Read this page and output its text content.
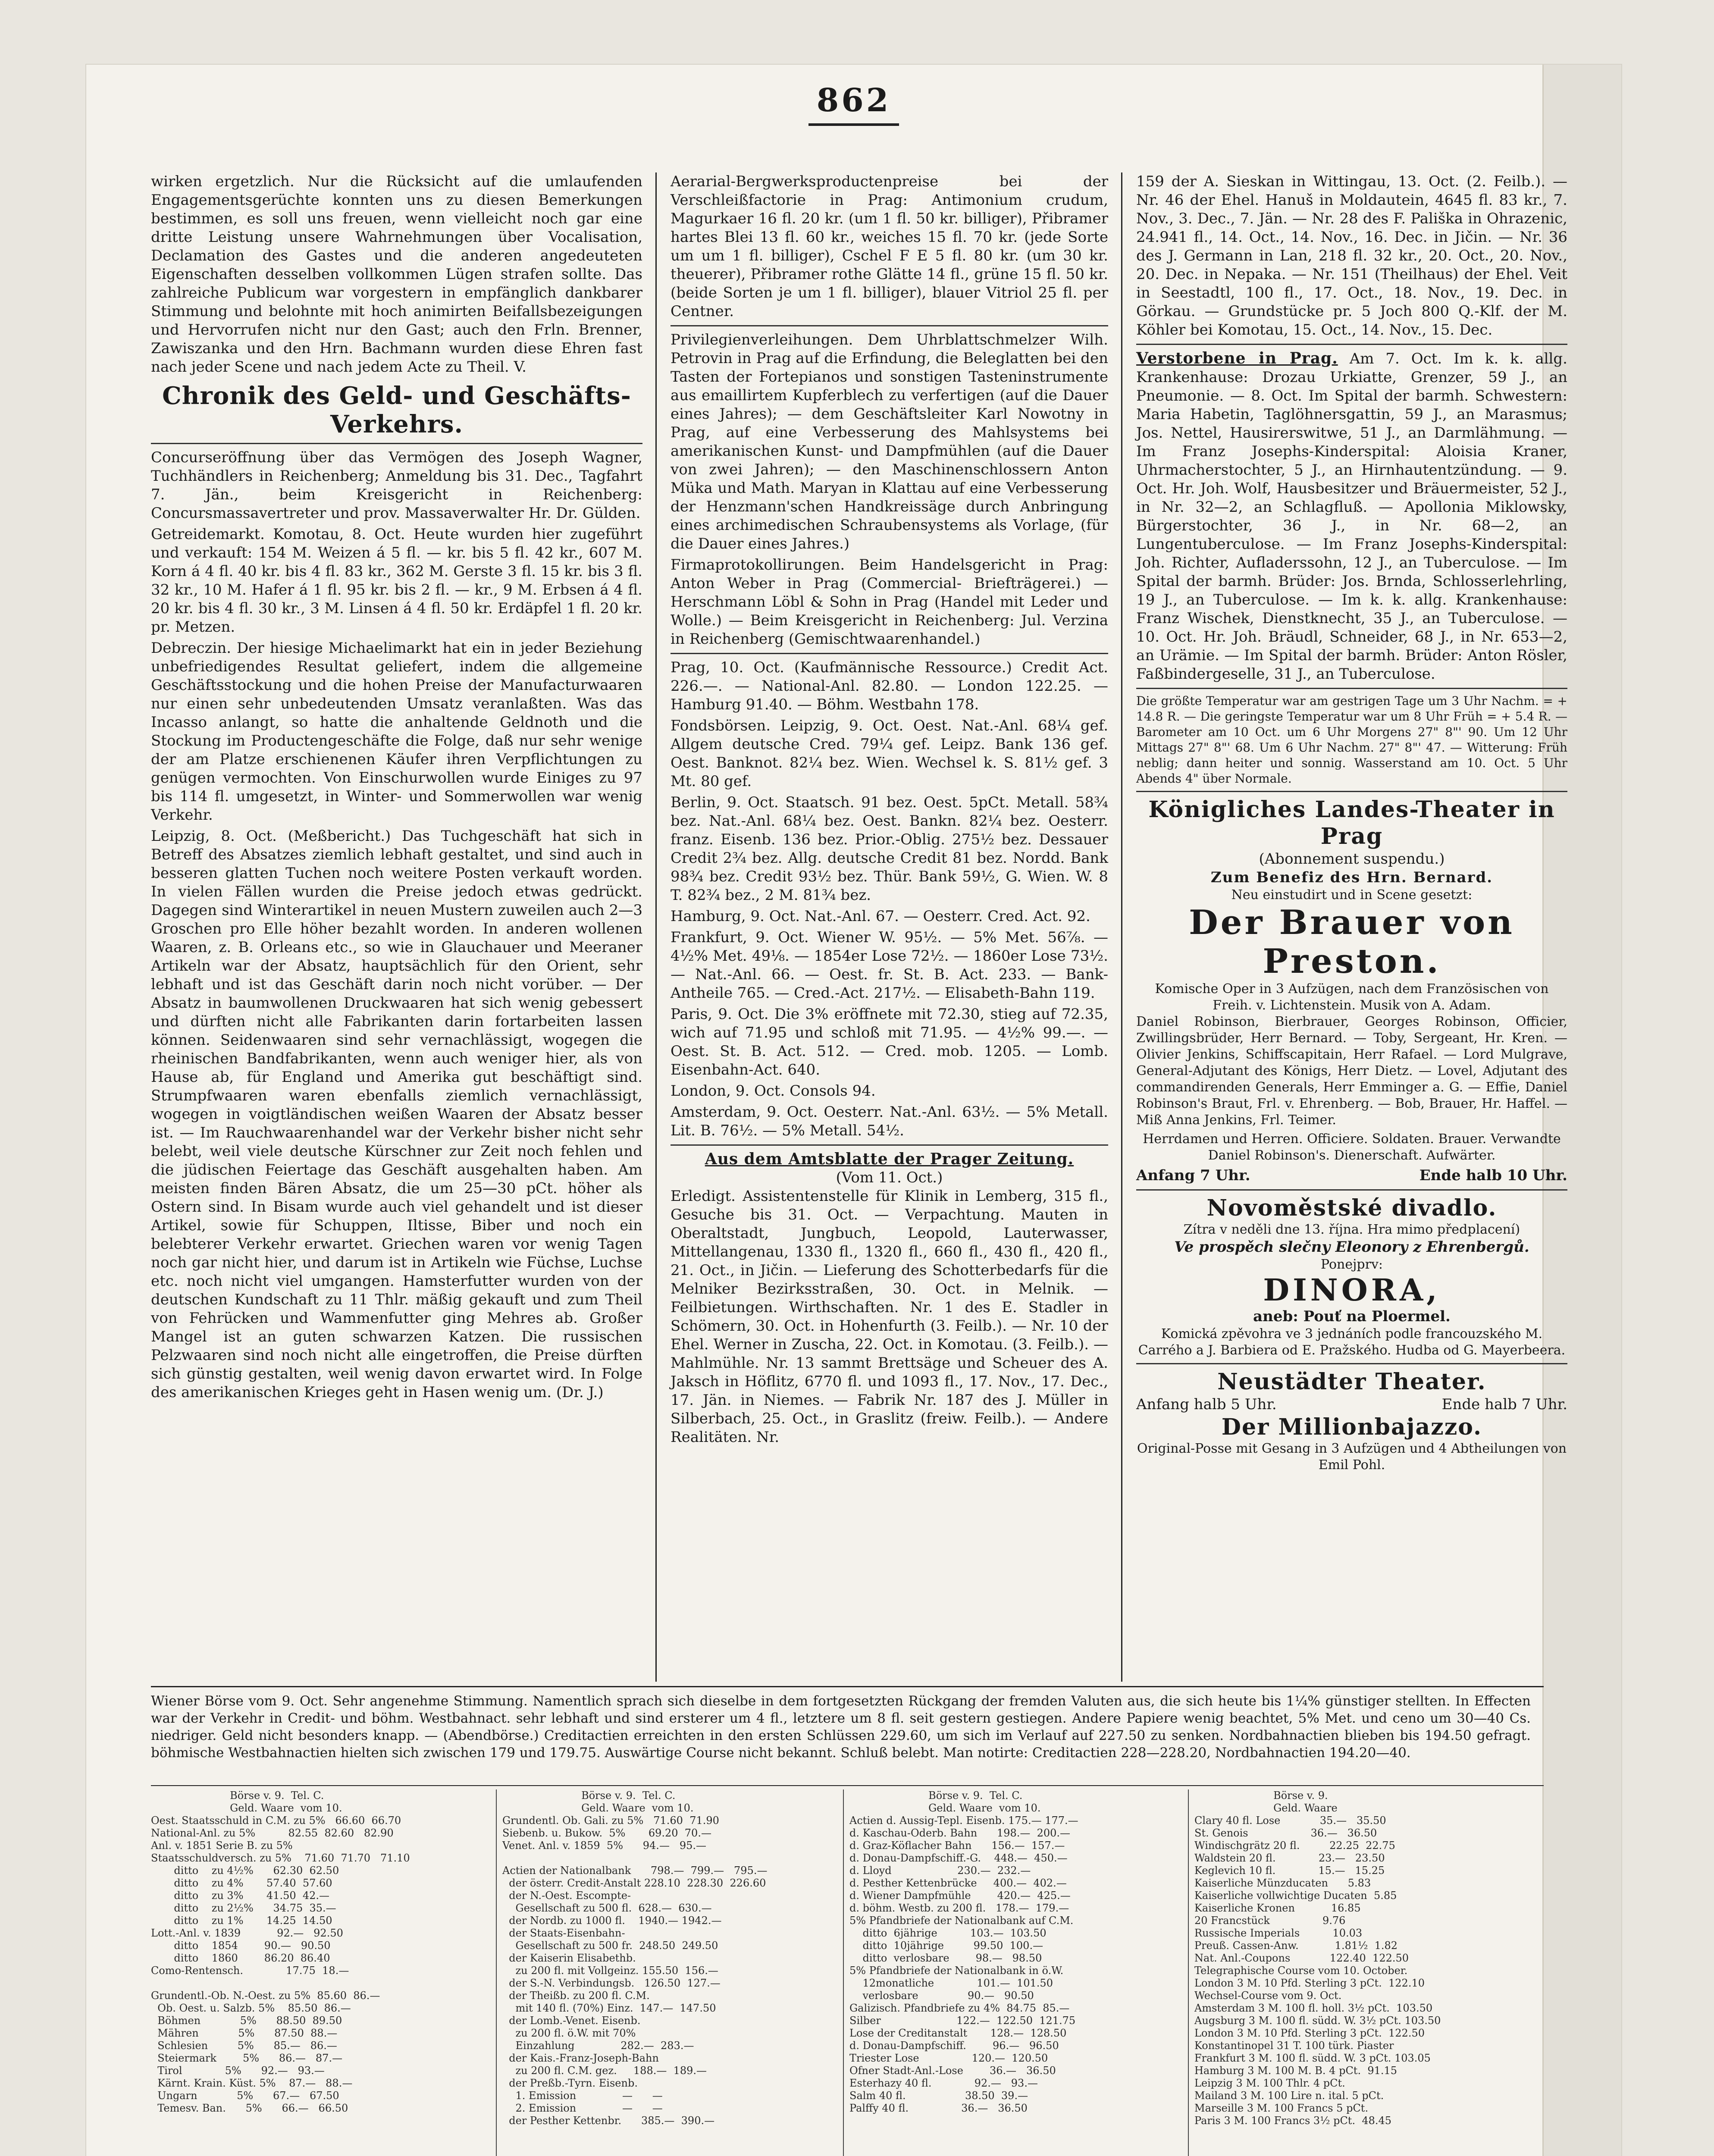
862

wirken ergetzlich. Nur die Rücksicht auf die umlaufenden Engagementsgerüchte konnten uns zu diesen Bemerkungen bestimmen, es soll uns freuen, wenn vielleicht noch gar eine dritte Leistung unsere Wahrnehmungen über Vocalisation, Declamation des Gastes und die anderen angedeuteten Eigenschaften desselben vollkommen Lügen strafen sollte. Das zahlreiche Publicum war vorgestern in empfänglich dankbarer Stimmung und belohnte mit hoch animirten Beifallsbezeigungen und Hervorrufen nicht nur den Gast; auch den Frln. Brenner, Zawiszanka und den Hrn. Bachmann wurden diese Ehren fast nach jeder Scene und nach jedem Acte zu Theil. V.

Chronik des Geld- und Geschäfts-Verkehrs.

Concurseröffnung über das Vermögen des Joseph Wagner, Tuchhändlers in Reichenberg; Anmeldung bis 31. Dec., Tagfahrt 7. Jän., beim Kreisgericht in Reichenberg: Concursmassavertreter und prov. Massaverwalter Hr. Dr. Gülden.

Getreidemarkt. Komotau, 8. Oct. Heute wurden hier zugeführt und verkauft: 154 M. Weizen á 5 fl. — kr. bis 5 fl. 42 kr., 607 M. Korn á 4 fl. 40 kr. bis 4 fl. 83 kr., 362 M. Gerste 3 fl. 15 kr. bis 3 fl. 32 kr., 10 M. Hafer á 1 fl. 95 kr. bis 2 fl. — kr., 9 M. Erbsen á 4 fl. 20 kr. bis 4 fl. 30 kr., 3 M. Linsen á 4 fl. 50 kr. Erdäpfel 1 fl. 20 kr. pr. Metzen.

Debreczin. Der hiesige Michaelimarkt hat ein in jeder Beziehung unbefriedigendes Resultat geliefert, indem die allgemeine Geschäftsstockung und die hohen Preise der Manufacturwaaren nur einen sehr unbedeutenden Umsatz veranlaßten. Was das Incasso anlangt, so hatte die anhaltende Geldnoth und die Stockung im Productengeschäfte die Folge, daß nur sehr wenige der am Platze erschienenen Käufer ihren Verpflichtungen zu genügen vermochten. Von Einschurwollen wurde Einiges zu 97 bis 114 fl. umgesetzt, in Winter- und Sommerwollen war wenig Verkehr.

Leipzig, 8. Oct. (Meßbericht.) Das Tuchgeschäft hat sich in Betreff des Absatzes ziemlich lebhaft gestaltet, und sind auch in besseren glatten Tuchen noch weitere Posten verkauft worden. In vielen Fällen wurden die Preise jedoch etwas gedrückt. Dagegen sind Winterartikel in neuen Mustern zuweilen auch 2—3 Groschen pro Elle höher bezahlt worden. In anderen wollenen Waaren, z. B. Orleans etc., so wie in Glauchauer und Meeraner Artikeln war der Absatz, hauptsächlich für den Orient, sehr lebhaft und ist das Geschäft darin noch nicht vorüber. — Der Absatz in baumwollenen Druckwaaren hat sich wenig gebessert und dürften nicht alle Fabrikanten darin fortarbeiten lassen können. Seidenwaaren sind sehr vernachlässigt, wogegen die rheinischen Bandfabrikanten, wenn auch weniger hier, als von Hause ab, für England und Amerika gut beschäftigt sind. Strumpfwaaren waren ebenfalls ziemlich vernachlässigt, wogegen in voigtländischen weißen Waaren der Absatz besser ist. — Im Rauchwaarenhandel war der Verkehr bisher nicht sehr belebt, weil viele deutsche Kürschner zur Zeit noch fehlen und die jüdischen Feiertage das Geschäft ausgehalten haben. Am meisten finden Bären Absatz, die um 25—30 pCt. höher als Ostern sind. In Bisam wurde auch viel gehandelt und ist dieser Artikel, sowie für Schuppen, Iltisse, Biber und noch ein belebterer Verkehr erwartet. Griechen waren vor wenig Tagen noch gar nicht hier, und darum ist in Artikeln wie Füchse, Luchse etc. noch nicht viel umgangen. Hamsterfutter wurden von der deutschen Kundschaft zu 11 Thlr. mäßig gekauft und zum Theil von Fehrücken und Wammenfutter ging Mehres ab. Großer Mangel ist an guten schwarzen Katzen. Die russischen Pelzwaaren sind noch nicht alle eingetroffen, die Preise dürften sich günstig gestalten, weil wenig davon erwartet wird. In Folge des amerikanischen Krieges geht in Hasen wenig um. (Dr. J.)

Aerarial-Bergwerksproductenpreise bei der Verschleißfactorie in Prag: Antimonium crudum, Magurkaer 16 fl. 20 kr. (um 1 fl. 50 kr. billiger), Přibramer hartes Blei 13 fl. 60 kr., weiches 15 fl. 70 kr. (jede Sorte um um 1 fl. billiger), Cschel F E 5 fl. 80 kr. (um 30 kr. theuerer), Přibramer rothe Glätte 14 fl., grüne 15 fl. 50 kr. (beide Sorten je um 1 fl. billiger), blauer Vitriol 25 fl. per Centner.

Privilegienverleihungen. Dem Uhrblattschmelzer Wilh. Petrovin in Prag auf die Erfindung, die Beleglatten bei den Tasten der Fortepianos und sonstigen Tasteninstrumente aus emaillirtem Kupferblech zu verfertigen (auf die Dauer eines Jahres); — dem Geschäftsleiter Karl Nowotny in Prag, auf eine Verbesserung des Mahlsystems bei amerikanischen Kunst- und Dampfmühlen (auf die Dauer von zwei Jahren); — den Maschinenschlossern Anton Müka und Math. Maryan in Klattau auf eine Verbesserung der Henzmann'schen Handkreissäge durch Anbringung eines archimedischen Schraubensystems als Vorlage, (für die Dauer eines Jahres.)

Firmaprotokollirungen. Beim Handelsgericht in Prag: Anton Weber in Prag (Commercial- Briefträgerei.) — Herschmann Löbl & Sohn in Prag (Handel mit Leder und Wolle.) — Beim Kreisgericht in Reichenberg: Jul. Verzina in Reichenberg (Gemischtwaarenhandel.)

Prag, 10. Oct. (Kaufmännische Ressource.) Credit Act. 226.—. — National-Anl. 82.80. — London 122.25. — Hamburg 91.40. — Böhm. Westbahn 178.

Fondsbörsen. Leipzig, 9. Oct. Oest. Nat.-Anl. 68¼ gef. Allgem deutsche Cred. 79¼ gef. Leipz. Bank 136 gef. Oest. Banknot. 82¼ bez. Wien. Wechsel k. S. 81½ gef. 3 Mt. 80 gef.

Berlin, 9. Oct. Staatsch. 91 bez. Oest. 5pCt. Metall. 58¾ bez. Nat.-Anl. 68¼ bez. Oest. Bankn. 82¼ bez. Oesterr. franz. Eisenb. 136 bez. Prior.-Oblig. 275½ bez. Dessauer Credit 2¾ bez. Allg. deutsche Credit 81 bez. Nordd. Bank 98¾ bez. Credit 93½ bez. Thür. Bank 59½, G. Wien. W. 8 T. 82¾ bez., 2 M. 81¾ bez.

Hamburg, 9. Oct. Nat.-Anl. 67. — Oesterr. Cred. Act. 92.

Frankfurt, 9. Oct. Wiener W. 95½. — 5% Met. 56⅞. — 4½% Met. 49⅛. — 1854er Lose 72½. — 1860er Lose 73½. — Nat.-Anl. 66. — Oest. fr. St. B. Act. 233. — Bank-Antheile 765. — Cred.-Act. 217½. — Elisabeth-Bahn 119.

Paris, 9. Oct. Die 3% eröffnete mit 72.30, stieg auf 72.35, wich auf 71.95 und schloß mit 71.95. — 4½% 99.—. — Oest. St. B. Act. 512. — Cred. mob. 1205. — Lomb. Eisenbahn-Act. 640.

London, 9. Oct. Consols 94.

Amsterdam, 9. Oct. Oesterr. Nat.-Anl. 63½. — 5% Metall. Lit. B. 76½. — 5% Metall. 54½.

Aus dem Amtsblatte der Prager Zeitung.
(Vom 11. Oct.)

Erledigt. Assistentenstelle für Klinik in Lemberg, 315 fl., Gesuche bis 31. Oct. — Verpachtung. Mauten in Oberaltstadt, Jungbuch, Leopold, Lauterwasser, Mittellangenau, 1330 fl., 1320 fl., 660 fl., 430 fl., 420 fl., 21. Oct., in Jičin. — Lieferung des Schotterbedarfs für die Melniker Bezirksstraßen, 30. Oct. in Melnik. — Feilbietungen. Wirthschaften. Nr. 1 des E. Stadler in Schömern, 30. Oct. in Hohenfurth (3. Feilb.). — Nr. 10 der Ehel. Werner in Zuscha, 22. Oct. in Komotau. (3. Feilb.). — Mahlmühle. Nr. 13 sammt Brettsäge und Scheuer des A. Jaksch in Höflitz, 6770 fl. und 1093 fl., 17. Nov., 17. Dec., 17. Jän. in Niemes. — Fabrik Nr. 187 des J. Müller in Silberbach, 25. Oct., in Graslitz (freiw. Feilb.). — Andere Realitäten. Nr.

159 der A. Sieskan in Wittingau, 13. Oct. (2. Feilb.). — Nr. 46 der Ehel. Hanuš in Moldautein, 4645 fl. 83 kr., 7. Nov., 3. Dec., 7. Jän. — Nr. 28 des F. Pališka in Ohrazenic, 24.941 fl., 14. Oct., 14. Nov., 16. Dec. in Jičin. — Nr. 36 des J. Germann in Lan, 218 fl. 32 kr., 20. Oct., 20. Nov., 20. Dec. in Nepaka. — Nr. 151 (Theilhaus) der Ehel. Veit in Seestadtl, 100 fl., 17. Oct., 18. Nov., 19. Dec. in Görkau. — Grundstücke pr. 5 Joch 800 Q.-Klf. der M. Köhler bei Komotau, 15. Oct., 14. Nov., 15. Dec.

Verstorbene in Prag. Am 7. Oct. Im k. k. allg. Krankenhause: Drozau Urkiatte, Grenzer, 59 J., an Pneumonie. — 8. Oct. Im Spital der barmh. Schwestern: Maria Habetin, Taglöhnersgattin, 59 J., an Marasmus; Jos. Nettel, Hausirerswitwe, 51 J., an Darmlähmung. — Im Franz Josephs-Kinderspital: Aloisia Kraner, Uhrmacherstochter, 5 J., an Hirnhautentzündung. — 9. Oct. Hr. Joh. Wolf, Hausbesitzer und Bräuermeister, 52 J., in Nr. 32—2, an Schlagfluß. — Apollonia Miklowsky, Bürgerstochter, 36 J., in Nr. 68—2, an Lungentuberculose. — Im Franz Josephs-Kinderspital: Joh. Richter, Aufladerssohn, 12 J., an Tuberculose. — Im Spital der barmh. Brüder: Jos. Brnda, Schlosserlehrling, 19 J., an Tuberculose. — Im k. k. allg. Krankenhause: Franz Wischek, Dienstknecht, 35 J., an Tuberculose. — 10. Oct. Hr. Joh. Bräudl, Schneider, 68 J., in Nr. 653—2, an Urämie. — Im Spital der barmh. Brüder: Anton Rösler, Faßbindergeselle, 31 J., an Tuberculose.

Die größte Temperatur war am gestrigen Tage um 3 Uhr Nachm. = + 14.8 R. — Die geringste Temperatur war um 8 Uhr Früh = + 5.4 R. — Barometer am 10 Oct. um 6 Uhr Morgens 27" 8"' 90. Um 12 Uhr Mittags 27" 8"' 68. Um 6 Uhr Nachm. 27" 8"' 47. — Witterung: Früh neblig; dann heiter und sonnig. Wasserstand am 10. Oct. 5 Uhr Abends 4" über Normale.

Königliches Landes-Theater in Prag
(Abonnement suspendu.)
Zum Benefiz des Hrn. Bernard.
Neu einstudirt und in Scene gesetzt:
Der Brauer von Preston.
Komische Oper in 3 Aufzügen, nach dem Französischen von Freih. v. Lichtenstein. Musik von A. Adam.

Daniel Robinson, Bierbrauer, Georges Robinson, Officier, Zwillingsbrüder, Herr Bernard. — Toby, Sergeant, Hr. Kren. — Olivier Jenkins, Schiffscapitain, Herr Rafael. — Lord Mulgrave, General-Adjutant des Königs, Herr Dietz. — Lovel, Adjutant des commandirenden Generals, Herr Emminger a. G. — Effie, Daniel Robinson's Braut, Frl. v. Ehrenberg. — Bob, Brauer, Hr. Haffel. — Miß Anna Jenkins, Frl. Teimer.

Herrdamen und Herren. Officiere. Soldaten. Brauer. Verwandte Daniel Robinson's. Dienerschaft. Aufwärter.

Anfang 7 Uhr.	Ende halb 10 Uhr.
Novoměstské divadlo.
Zítra v neděli dne 13. října. Hra mimo předplacení)
Ve prospěch slečny Eleonory z Ehrenbergů.
Ponejprv:
DINORA,
aneb: Pouť na Ploermel.
Komická zpěvohra ve 3 jednáních podle francouzského M. Carrého a J. Barbiera od E. Pražského. Hudba od G. Mayerbeera.
Neustädter Theater.
Anfang halb 5 Uhr.	Ende halb 7 Uhr.
Der Millionbajazzo.
Original-Posse mit Gesang in 3 Aufzügen und 4 Abtheilungen von Emil Pohl.
Wiener Börse vom 9. Oct. Sehr angenehme Stimmung. Namentlich sprach sich dieselbe in dem fortgesetzten Rückgang der fremden Valuten aus, die sich heute bis 1¼% günstiger stellten. In Effecten war der Verkehr in Credit- und böhm. Westbahnact. sehr lebhaft und sind ersterer um 4 fl., letztere um 8 fl. seit gestern gestiegen. Andere Papiere wenig beachtet, 5% Met. und ceno um 30—40 Cs. niedriger. Geld nicht besonders knapp. — (Abendbörse.) Creditactien erreichten in den ersten Schlüssen 229.60, um sich im Verlauf auf 227.50 zu senken. Nordbahnactien blieben bis 194.50 gefragt. böhmische Westbahnactien hielten sich zwischen 179 und 179.75. Auswärtige Course nicht bekannt. Schluß belebt. Man notirte: Creditactien 228—228.20, Nordbahnactien 194.20—40.
Börse v. 9.  Tel. C.
Geld. Waare  vom 10.
Oest. Staatsschuld in C.M. zu 5%   66.60  66.70
National-Anl. zu 5%          82.55  82.60   82.90
Anl. v. 1851 Serie B. zu 5%
Staatsschuldversch. zu 5%    71.60  71.70   71.10
ditto    zu 4½%      62.30  62.50
ditto    zu 4%       57.40  57.60
ditto    zu 3%       41.50  42.—
ditto    zu 2½%      34.75  35.—
ditto    zu 1%       14.25  14.50
Lott.-Anl. v. 1839           92.—   92.50
ditto    1854        90.—   90.50
ditto    1860        86.20  86.40
Como-Rentensch.             17.75  18.—

Grundentl.-Ob. N.-Oest. zu 5%  85.60  86.—
Ob. Oest. u. Salzb. 5%    85.50  86.—
Böhmen            5%      88.50  89.50
Mähren            5%      87.50  88.—
Schlesien         5%      85.—   86.—
Steiermark        5%      86.—   87.—
Tirol             5%      92.—   93.—
Kärnt. Krain. Küst. 5%    87.—   88.—
Ungarn            5%      67.—   67.50
Temesv. Ban.      5%      66.—   66.50
Börse v. 9.  Tel. C.
Geld. Waare  vom 10.
Grundentl. Ob. Gali. zu 5%   71.60  71.90
Siebenb. u. Bukow.  5%       69.20  70.—
Venet. Anl. v. 1859  5%      94.—   95.—

Actien der Nationalbank      798.—  799.—   795.—
der österr. Credit-Anstalt 228.10  228.30  226.60
der N.-Oest. Escompte-
Gesellschaft zu 500 fl.  628.—  630.—
der Nordb. zu 1000 fl.    1940.— 1942.—
der Staats-Eisenbahn-
Gesellschaft zu 500 fr.  248.50  249.50
der Kaiserin Elisabethb.
zu 200 fl. mit Vollgeinz. 155.50  156.—
der S.-N. Verbindungsb.   126.50  127.—
der Theißb. zu 200 fl. C.M.
mit 140 fl. (70%) Einz.  147.—  147.50
der Lomb.-Venet. Eisenb.
zu 200 fl. ö.W. mit 70%
Einzahlung              282.—  283.—
der Kais.-Franz-Joseph-Bahn
zu 200 fl. C.M. gez.     188.—  189.—
der Preßb.-Tyrn. Eisenb.
1. Emission              —      —
2. Emission              —      —
der Pesther Kettenbr.      385.—  390.—
Börse v. 9.  Tel. C.
Geld. Waare  vom 10.
Actien d. Aussig-Tepl. Eisenb. 175.— 177.—
d. Kaschau-Oderb. Bahn      198.—  200.—
d. Graz-Köflacher Bahn      156.—  157.—
d. Donau-Dampfschiff.-G.    448.—  450.—
d. Lloyd                    230.—  232.—
d. Pesther Kettenbrücke     400.—  402.—
d. Wiener Dampfmühle        420.—  425.—
d. böhm. Westb. zu 200 fl.   178.—  179.—
5% Pfandbriefe der Nationalbank auf C.M.
ditto  6jährige          103.—  103.50
ditto  10jährige         99.50  100.—
ditto  verlosbare        98.—   98.50
5% Pfandbriefe der Nationalbank in ö.W.
12monatliche             101.—  101.50
verlosbare               90.—   90.50
Galizisch. Pfandbriefe zu 4%  84.75  85.—
Silber                       122.—  122.50  121.75
Lose der Creditanstalt       128.—  128.50
d. Donau-Dampfschiff.        96.—   96.50
Triester Lose                120.—  120.50
Ofner Stadt-Anl.-Lose        36.—   36.50
Esterhazy 40 fl.             92.—   93.—
Salm 40 fl.                  38.50  39.—
Palffy 40 fl.                36.—   36.50
Börse v. 9.
Geld. Waare
Clary 40 fl. Lose            35.—   35.50
St. Genois                   36.—   36.50
Windischgrätz 20 fl.         22.25  22.75
Waldstein 20 fl.             23.—   23.50
Keglevich 10 fl.             15.—   15.25
Kaiserliche Münzducaten      5.83
Kaiserliche vollwichtige Ducaten  5.85
Kaiserliche Kronen           16.85
20 Francstück                9.76
Russische Imperials          10.03
Preuß. Cassen-Anw.           1.81½  1.82
Nat. Anl.-Coupons            122.40  122.50
Telegraphische Course vom 10. October.
London 3 M. 10 Pfd. Sterling 3 pCt.  122.10
Wechsel-Course vom 9. Oct.
Amsterdam 3 M. 100 fl. holl. 3½ pCt.  103.50
Augsburg 3 M. 100 fl. südd. W. 3½ pCt. 103.50
London 3 M. 10 Pfd. Sterling 3 pCt.  122.50
Konstantinopel 31 T. 100 türk. Piaster
Frankfurt 3 M. 100 fl. südd. W. 3 pCt. 103.05
Hamburg 3 M. 100 M. B. 4 pCt.  91.15
Leipzig 3 M. 100 Thlr. 4 pCt.
Mailand 3 M. 100 Lire n. ital. 5 pCt.
Marseille 3 M. 100 Francs 5 pCt.
Paris 3 M. 100 Francs 3½ pCt.  48.45
